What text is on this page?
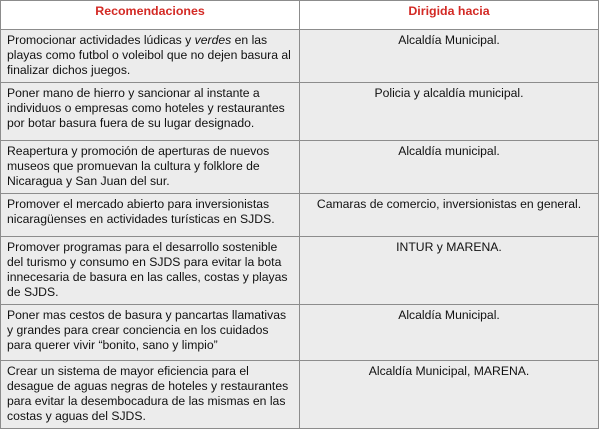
Recomendaciones	Dirigida hacia
Promocionar actividades lúdicas y verdes en las playas como futbol o voleibol que no dejen basura al finalizar dichos juegos.	Alcaldía Municipal.
Poner mano de hierro y sancionar al instante a individuos o empresas como hoteles y restaurantes por botar basura fuera de su lugar designado.	Policia y alcaldía municipal.
Reapertura y promoción de aperturas de nuevos museos que promuevan la cultura y folklore de Nicaragua y San Juan del sur.	Alcaldía municipal.
Promover el mercado abierto para inversionistas nicaragüenses en actividades turísticas en SJDS.	Camaras de comercio, inversionistas en general.
Promover programas para el desarrollo sostenible del turismo y consumo en SJDS para evitar la bota innecesaria de basura en las calles, costas y playas de SJDS.	INTUR y MARENA.
Poner mas cestos de basura y pancartas llamativas y grandes para crear conciencia en los cuidados para querer vivir “bonito, sano y limpio”	Alcaldía Municipal.
Crear un sistema de mayor eficiencia para el desague de aguas negras de hoteles y restaurantes para evitar la desembocadura de las mismas en las costas y aguas del SJDS.	Alcaldía Municipal, MARENA.
